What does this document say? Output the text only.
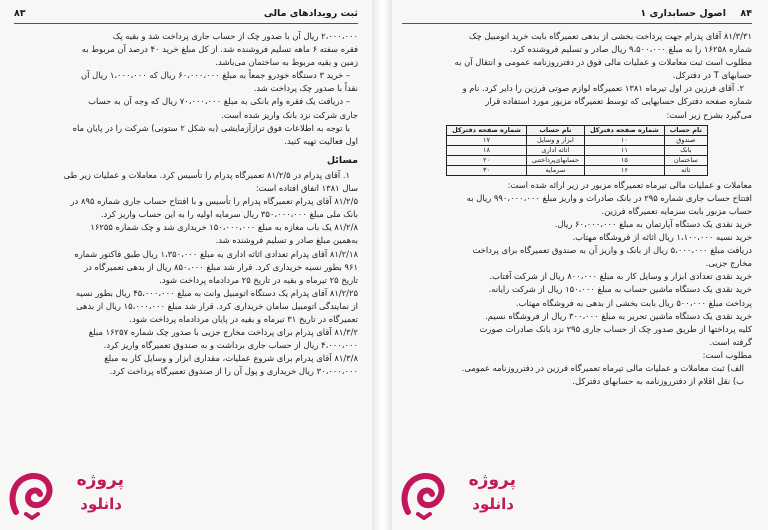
۸۳	ثبت رویدادهای مالی

۲،۰۰۰،۰۰۰ ریال آن با صدور چک از حساب جاری پرداخت شد و بقیه پک

فقره سفته ۶ ماهه تسلیم فروشنده شد. از کل مبلغ خرید ۴۰ درصد آن مربوط به

زمین و بقیه مربوط به ساختمان می‌باشد.

– خرید ۳ دستگاه خودرو جمعاً به مبلغ ۶۰،۰۰۰،۰۰۰ ریال که ۱،۰۰۰،۰۰۰ ریال آن

نقداً با صدور چک پرداخت شد.

– دریافت یک فقره وام بانکی به مبلغ ۷۰،۰۰۰،۰۰۰ ریال که وجه آن به حساب

جاری شرکت نزد بانک واریز شده است.

با توجه به اطلاعات فوق ترازآزمایشی (به شکل ۲ ستونی) شرکت را در پایان ماه

اول فعالیت تهیه کنید.

مسائل

۱. آقای پدرام در ۸۱/۲/۵ تعمیرگاه پدرام را تأسیس کرد. معاملات و عملیات زیر طی

سال ۱۳۸۱ اتفاق افتاده است:

۸۱/۲/۵ آقای پدرام تعمیرگاه پدرام را تأسیس و با افتتاح حساب جاری شماره ۸۹۵ در

بانک ملی مبلغ ۳۵۰،۰۰۰،۰۰۰ ریال سرمایه اولیه را به این حساب واریز کرد.

۸۱/۲/۸ یک باب مغازه به مبلغ ۱۵۰،۰۰۰،۰۰۰ خریداری شد و چک شماره ۱۶۲۵۵

به‌همین مبلغ صادر و تسلیم فروشنده شد.

۸۱/۲/۱۸ آقای پدرام تعدادی اثاثه اداری به مبلغ ۱،۳۵۰،۰۰۰ ریال طبق فاکتور شماره

۹۶۱ بطور نسیه خریداری کرد. قرار شد مبلغ ۸۵۰،۰۰۰ ریال از بدهی تعمیرگاه در

تاریخ ۲۵ تیرماه و بقیه در تاریخ ۲۵ مردادماه پرداخت شود.

۸۱/۲/۲۵ آقای پدرام یک دستگاه اتومبیل وانت به مبلغ ۴۵،۰۰۰،۰۰۰ ریال بطور نسیه

از نمایندگی اتومبیل سامان خریداری کرد. قرار شد مبلغ ۱۵،۰۰۰،۰۰۰ ریال از بدهی

تعمیرگاه در تاریخ ۳۱ تیرماه و بقیه در پایان مردادماه پرداخت شود.

۸۱/۳/۲ آقای پدرام برای پرداخت مخارج جزیی با صدور چک شماره ۱۶۲۵۷ مبلغ

۴،۰۰۰،۰۰۰ ریال از حساب جاری برداشت و به صندوق تعمیرگاه واریز کرد.

۸۱/۳/۸ آقای پدرام برای شروع عملیات، مقداری ابزار و وسایل کار به مبلغ

۳۰،۰۰۰،۰۰۰ ریال خریداری و پول آن را از صندوق تعمیرگاه پرداخت کرد.

پروژه
دانلود
۸۴
اصول حسابداری ۱

۸۱/۳/۳۱ آقای پدرام جهت پرداخت بخشی از بدهی تعمیرگاه بابت خرید اتومبیل چک

شماره ۱۶۲۵۸ را به مبلغ ۹،۵۰۰،۰۰۰ ریال صادر و تسلیم فروشنده کرد.

مطلوب است ثبت معاملات و عملیات مالی فوق در دفترروزنامه عمومی و انتقال آن به

حسابهای T در دفترکل.

۲. آقای فرزین در اول تیرماه ۱۳۸۱ تعمیرگاه لوازم صوتی فرزین را دایر کرد. نام و

شماره صفحه دفترکل حسابهایی که توسط تعمیرگاه مزبور مورد استفاده قرار

می‌گیرد بشرح زیر است:

نام حساب	شماره صفحه دفترکل	نام حساب	شماره صفحه دفترکل
صندوق	۱۰	ابزار و وسایل	۱۷
بانک	۱۱	اثاثه اداری	۱۸
ساختمان	۱۵	حسابهای‌پرداختنی	۲۰
ثاثه	۱۶	سرمایه	۳۰

معاملات و عملیات مالی تیرماه تعمیرگاه مزبور در زیر ارائه شده است:

افتتاح حساب جاری شماره ۲۹۵ در بانک صادرات و واریز مبلغ ۹۹۰،۰۰۰،۰۰۰ ریال به

حساب مزبور بابت سرمایه تعمیرگاه فرزین.

خرید نقدی یک دستگاه آپارتمان به مبلغ ۶۰،۰۰۰،۰۰۰ ریال.

خرید نسیه ۱،۱۰۰،۰۰۰ ریال اثاثه از فروشگاه مهتاب.

دریافت مبلغ ۵،۰۰۰،۰۰۰ ریال از بانک و واریز آن به صندوق تعمیرگاه برای پرداخت

مخارج جزیی.

خرید نقدی تعدادی ابزار و وسایل کار به مبلغ ۸۰۰،۰۰۰ ریال از شرکت آفتاب.

خرید نقدی یک دستگاه ماشین حساب به مبلغ ۱۵۰،۰۰۰ ریال از شرکت رایانه.

پرداخت مبلغ ۵۰۰،۰۰۰ ریال بابت بخشی از بدهی به فروشگاه مهتاب.

خرید نقدی یک دستگاه ماشین تحریر به مبلغ ۳۰۰،۰۰۰ ریال از فروشگاه نسیم.

کلیه پرداختها از طریق صدور چک از حساب جاری ۲۹۵ نزد بانک صادرات صورت

گرفته است.

مطلوب است:

الف) ثبت معاملات و عملیات مالی تیرماه تعمیرگاه فرزین در دفترروزنامه عمومی.

ب) نقل اقلام از دفترروزنامه به حسابهای دفترکل.

پروژه
دانلود
